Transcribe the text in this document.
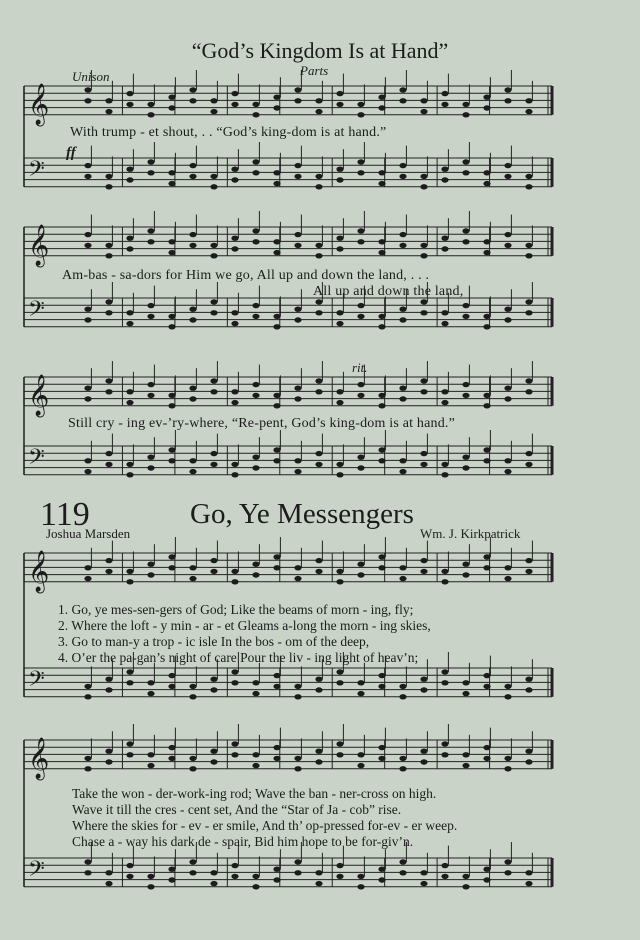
𝄞
𝄢
𝄞
𝄢
𝄞
𝄢
𝄞
𝄢
𝄞
𝄢
“God’s Kingdom Is at Hand”
Unison	Parts
ff
rit.
With trump - et shout, . . “God’s king-dom is at hand.”
Am-bas - sa-dors for Him we go, All up and down the land, . . .
All up and down the land,
Still cry - ing ev-’ry-where, “Re-pent, God’s king-dom is at hand.”
119	Go, Ye Messengers
Joshua Marsden	Wm. J. Kirkpatrick
1. Go, ye mes-sen-gers of God; Like the beams of morn - ing, fly;
2. Where the loft - y min - ar - et Gleams a-long the morn - ing skies,
3. Go to man-y a trop - ic isle In the bos - om of the deep,
4. O’er the pa-gan’s night of care Pour the liv - ing light of heav’n;
Take the won - der-work-ing rod; Wave the ban - ner-cross on high.
Wave it till the cres - cent set, And the “Star of Ja - cob” rise.
Where the skies for - ev - er smile, And th’ op-pressed for-ev - er weep.
Chase a - way his dark de - spair, Bid him hope to be for-giv’n.
